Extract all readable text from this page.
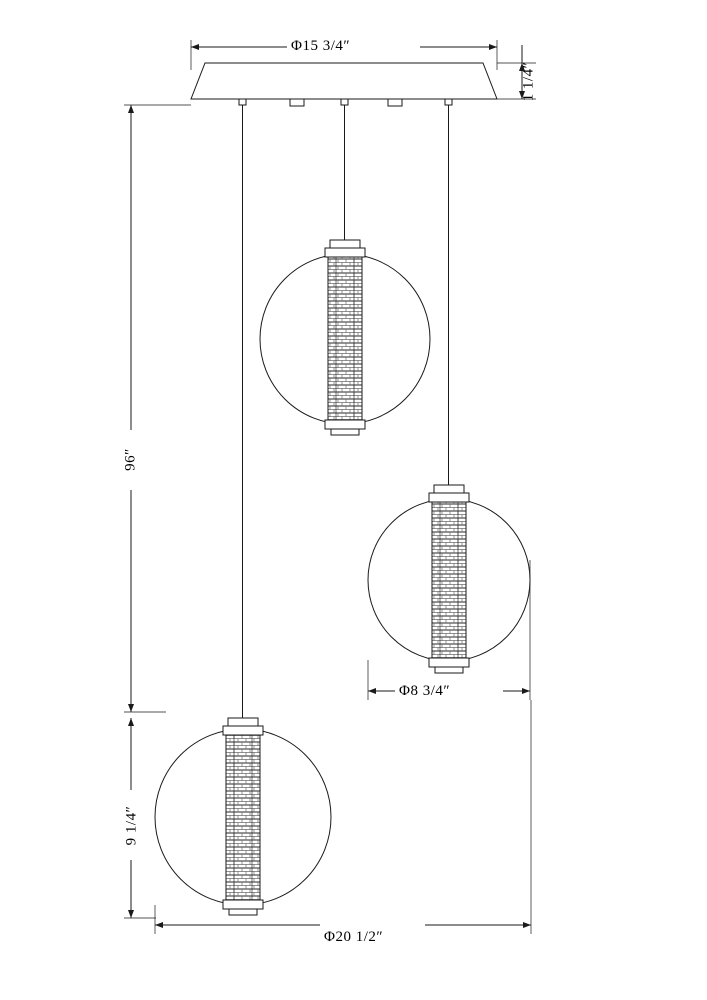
Φ15 3/4″
1 1/4″
96″
9 1/4″
Φ8 3/4″
Φ20 1/2″
